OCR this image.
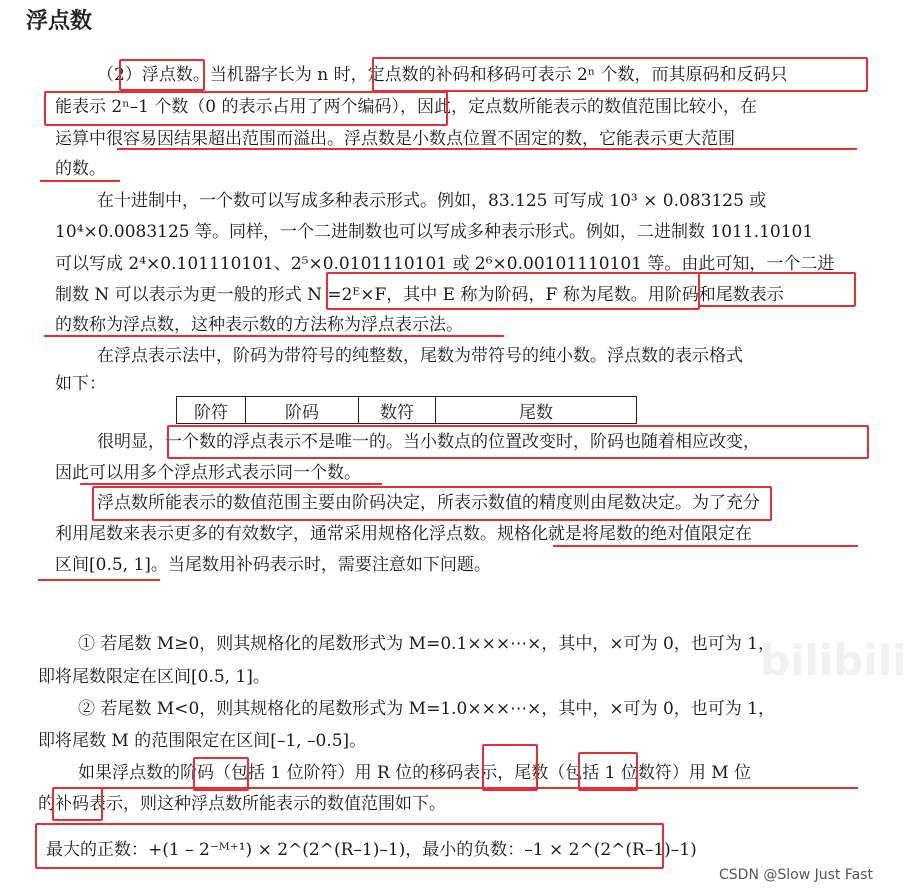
浮点数
（2）浮点数。当机器字长为 n 时，定点数的补码和移码可表示 2ⁿ 个数，而其原码和反码只
能表示 2ⁿ–1 个数（0 的表示占用了两个编码），因此，定点数所能表示的数值范围比较小，在
运算中很容易因结果超出范围而溢出。浮点数是小数点位置不固定的数，它能表示更大范围
的数。
在十进制中，一个数可以写成多种表示形式。例如，83.125 可写成 10³ × 0.083125 或
10⁴×0.0083125 等。同样，一个二进制数也可以写成多种表示形式。例如，二进制数 1011.10101
可以写成 2⁴×0.101110101、2⁵×0.0101110101 或 2⁶×0.00101110101 等。由此可知，一个二进
制数 N 可以表示为更一般的形式 N =2ᴱ×F，其中 E 称为阶码，F 称为尾数。用阶码和尾数表示
的数称为浮点数，这种表示数的方法称为浮点表示法。
在浮点表示法中，阶码为带符号的纯整数，尾数为带符号的纯小数。浮点数的表示格式
如下：
阶符	阶码	数符	尾数
很明显，一个数的浮点表示不是唯一的。当小数点的位置改变时，阶码也随着相应改变，
因此可以用多个浮点形式表示同一个数。
浮点数所能表示的数值范围主要由阶码决定，所表示数值的精度则由尾数决定。为了充分
利用尾数来表示更多的有效数字，通常采用规格化浮点数。规格化就是将尾数的绝对值限定在
区间[0.5, 1]。当尾数用补码表示时，需要注意如下问题。
① 若尾数 M≥0，则其规格化的尾数形式为 M=0.1×××⋯×，其中，×可为 0，也可为 1，
即将尾数限定在区间[0.5, 1]。
② 若尾数 M<0，则其规格化的尾数形式为 M=1.0×××⋯×，其中，×可为 0，也可为 1，
即将尾数 M 的范围限定在区间[–1, –0.5]。
如果浮点数的阶码（包括 1 位阶符）用 R 位的移码表示，尾数（包括 1 位数符）用 M 位
的补码表示，则这种浮点数所能表示的数值范围如下。
最大的正数：+(1 – 2⁻ᴹ⁺¹) × 2^(2^(R–1)–1)，最小的负数：–1 × 2^(2^(R–1)–1)
bilibili
CSDN @Slow Just Fast
